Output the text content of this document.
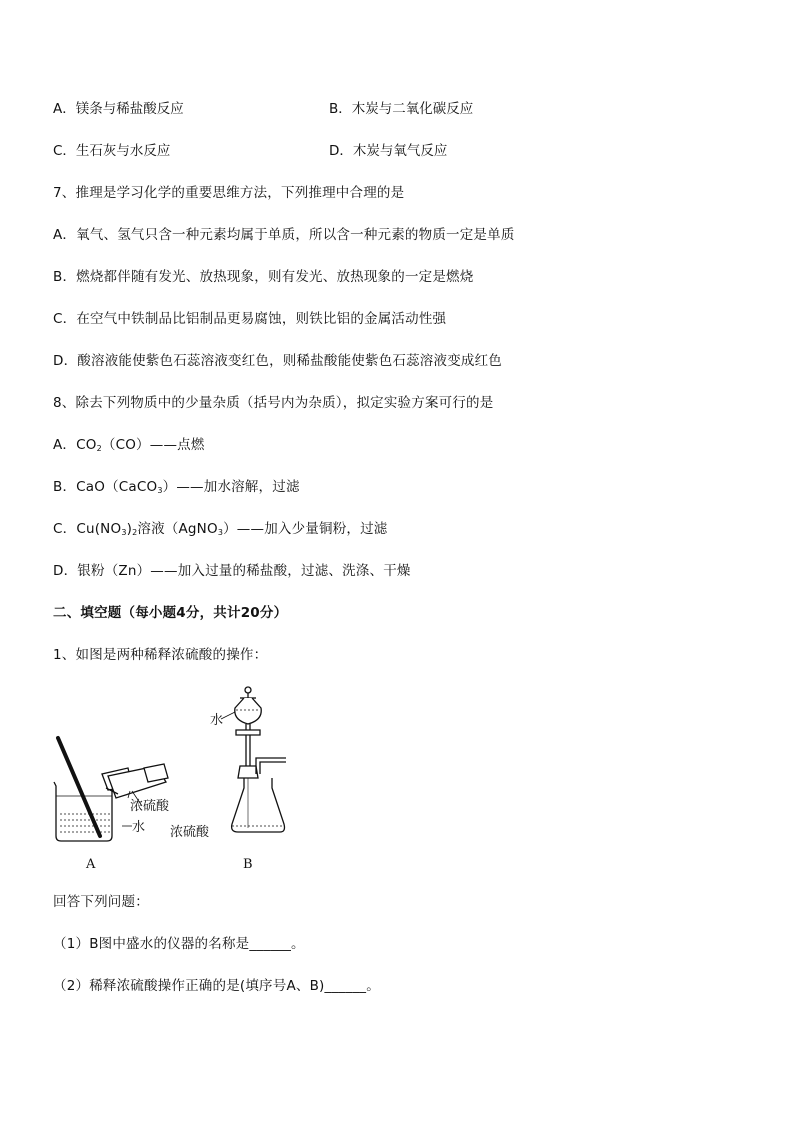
A．镁条与稀盐酸反应	B．木炭与二氧化碳反应
C．生石灰与水反应	D．木炭与氧气反应
7、推理是学习化学的重要思维方法，下列推理中合理的是
A．氧气、氢气只含一种元素均属于单质，所以含一种元素的物质一定是单质
B．燃烧都伴随有发光、放热现象，则有发光、放热现象的一定是燃烧
C．在空气中铁制品比铝制品更易腐蚀，则铁比铝的金属活动性强
D．酸溶液能使紫色石蕊溶液变红色，则稀盐酸能使紫色石蕊溶液变成红色
8、除去下列物质中的少量杂质（括号内为杂质），拟定实验方案可行的是
A．$CO_2(CO)——$点燃
B．CaO（CaCO$_3$）——加水溶解，过滤
C．$Cu(NO_3)_2$溶液（AgNO$_3$）——加入少量铜粉，过滤
D．银粉（Zn）——加入过量的稀盐酸，过滤、洗涤、干燥
二、填空题（每小题4分，共计20分）
1、如图是两种稀释浓硫酸的操作：
浓硫酸
水
A
水
浓硫酸
B
回答下列问题：
（1）B图中盛水的仪器的名称是______。
（2）稀释浓硫酸操作正确的是(填序号A、B)______。
